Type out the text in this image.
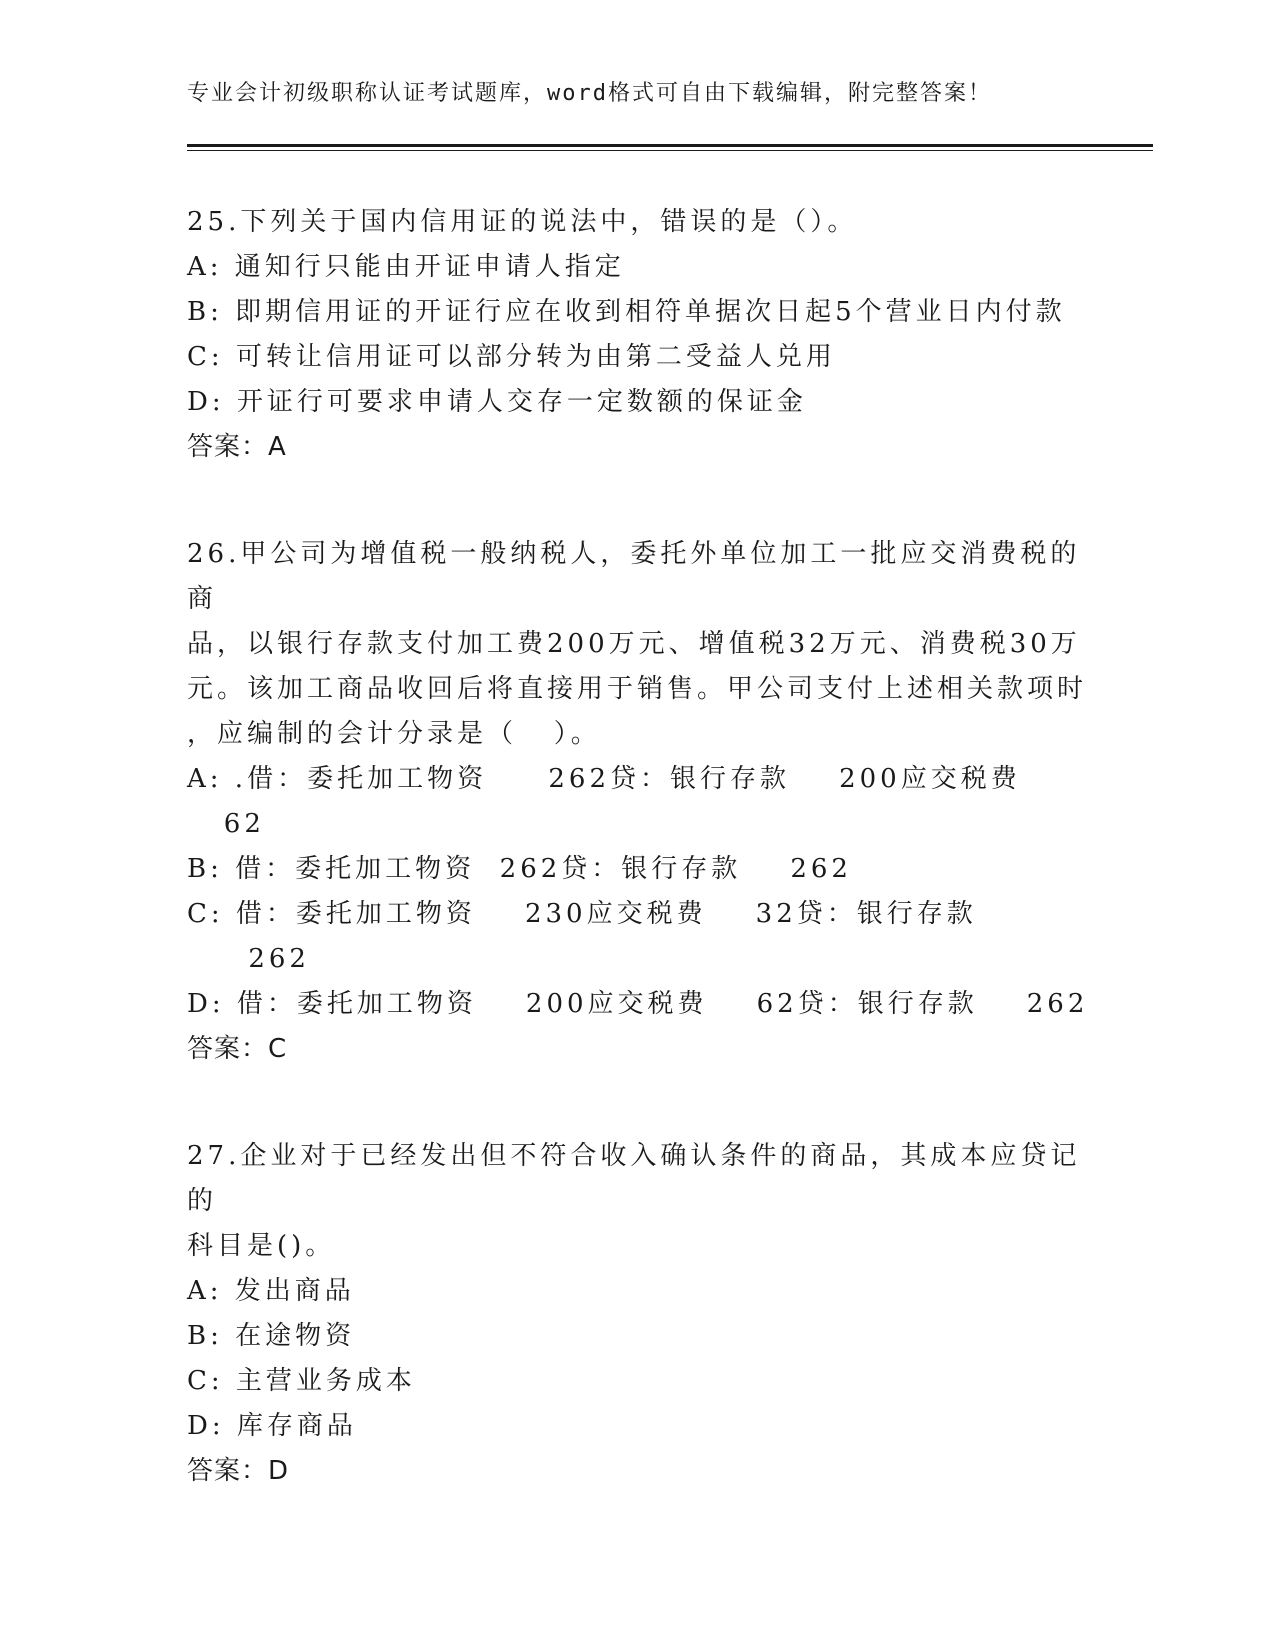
专业会计初级职称认证考试题库，word格式可自由下载编辑，附完整答案！
25.下列关于国内信用证的说法中，错误的是（）。
A: 通知行只能由开证申请人指定
B: 即期信用证的开证行应在收到相符单据次日起5个营业日内付款
C: 可转让信用证可以部分转为由第二受益人兑用
D: 开证行可要求申请人交存一定数额的保证金
答案：A
26.甲公司为增值税一般纳税人，委托外单位加工一批应交消费税的商
品，以银行存款支付加工费200万元、增值税32万元、消费税30万
元。该加工商品收回后将直接用于销售。甲公司支付上述相关款项时
，应编制的会计分录是（   ）。
A: .借：委托加工物资     262贷：银行存款    200应交税费
62
B: 借：委托加工物资  262贷：银行存款    262
C: 借：委托加工物资    230应交税费    32贷：银行存款
262
D: 借：委托加工物资    200应交税费    62贷：银行存款    262
答案：C
27.企业对于已经发出但不符合收入确认条件的商品，其成本应贷记的
科目是()。
A: 发出商品
B: 在途物资
C: 主营业务成本
D: 库存商品
答案：D
